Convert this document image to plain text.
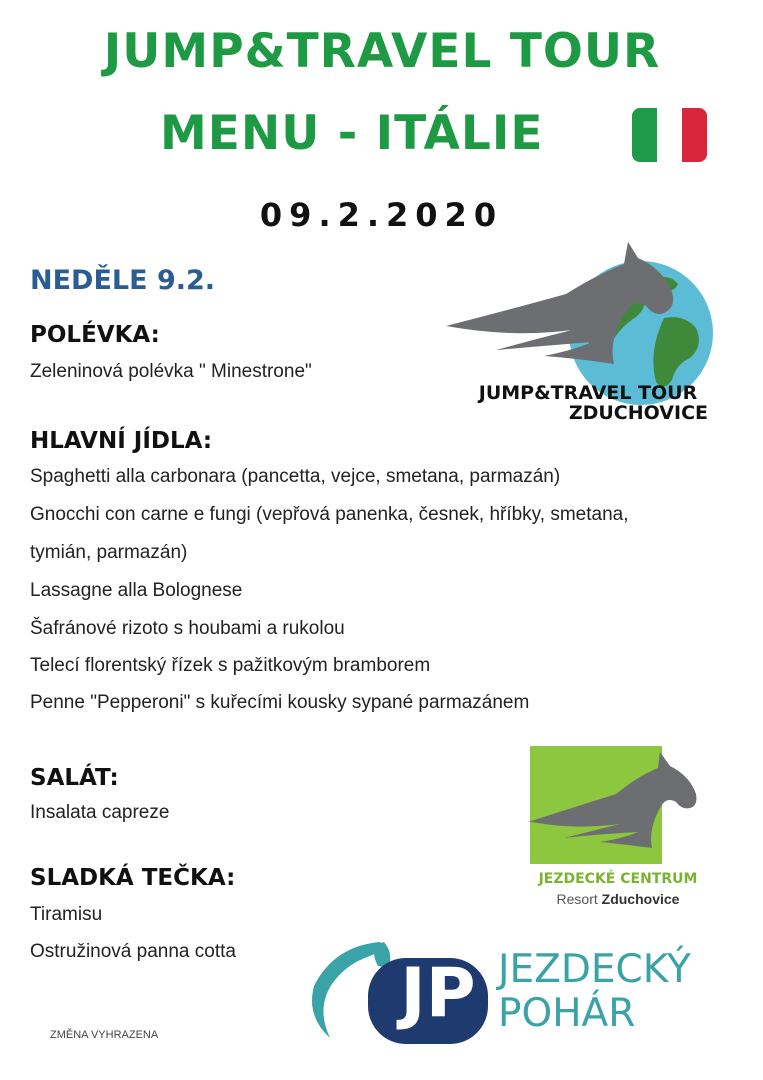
JUMP&TRAVEL TOUR
MENU - ITÁLIE
09.2.2020
NEDĚLE 9.2.
POLÉVKA:
Zeleninová polévka " Minestrone"
HLAVNÍ JÍDLA:
Spaghetti alla carbonara (pancetta, vejce, smetana, parmazán)
Gnocchi con carne e fungi (vepřová panenka, česnek, hříbky, smetana,
tymián, parmazán)
Lassagne alla Bolognese
Šafránové rizoto s houbami a rukolou
Telecí florentský řízek s pažitkovým bramborem
Penne "Pepperoni" s kuřecími kousky sypané parmazánem
SALÁT:
Insalata capreze
SLADKÁ TEČKA:
Tiramisu
Ostružinová panna cotta
JUMP&TRAVEL TOUR
ZDUCHOVICE
JEZDECKÉ CENTRUM
Resort Zduchovice
JP JEZDECKÝ
POHÁR
ZMĚNA VYHRAZENA
